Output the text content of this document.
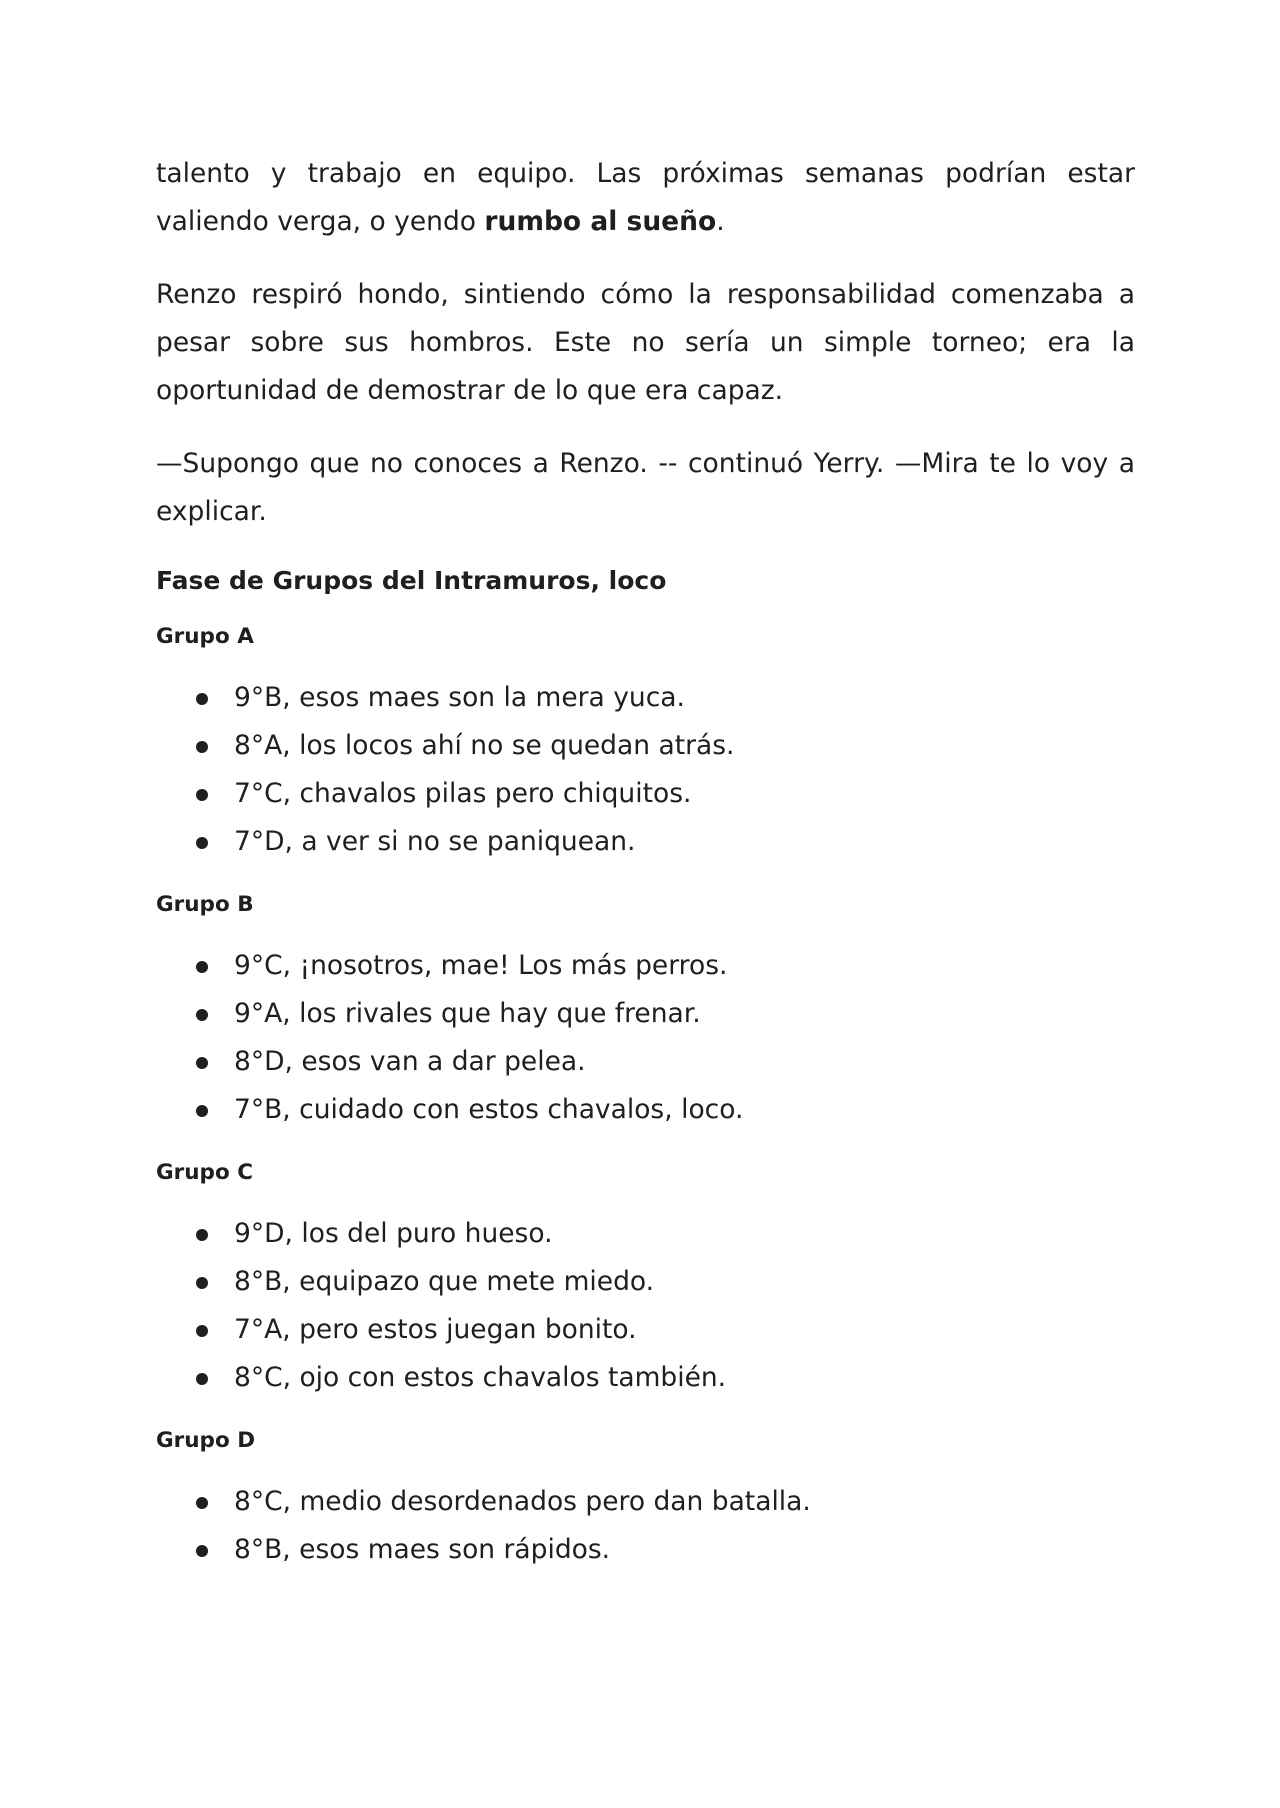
talento y trabajo en equipo. Las próximas semanas podrían estar valiendo verga, o yendo rumbo al sueño.

Renzo respiró hondo, sintiendo cómo la responsabilidad comenzaba a pesar sobre sus hombros. Este no sería un simple torneo; era la oportunidad de demostrar de lo que era capaz.

—Supongo que no conoces a Renzo. -- continuó Yerry. —Mira te lo voy a explicar.

Fase de Grupos del Intramuros, loco
Grupo A
9°B, esos maes son la mera yuca.
8°A, los locos ahí no se quedan atrás.
7°C, chavalos pilas pero chiquitos.
7°D, a ver si no se paniquean.
Grupo B
9°C, ¡nosotros, mae! Los más perros.
9°A, los rivales que hay que frenar.
8°D, esos van a dar pelea.
7°B, cuidado con estos chavalos, loco.
Grupo C
9°D, los del puro hueso.
8°B, equipazo que mete miedo.
7°A, pero estos juegan bonito.
8°C, ojo con estos chavalos también.
Grupo D
8°C, medio desordenados pero dan batalla.
8°B, esos maes son rápidos.
